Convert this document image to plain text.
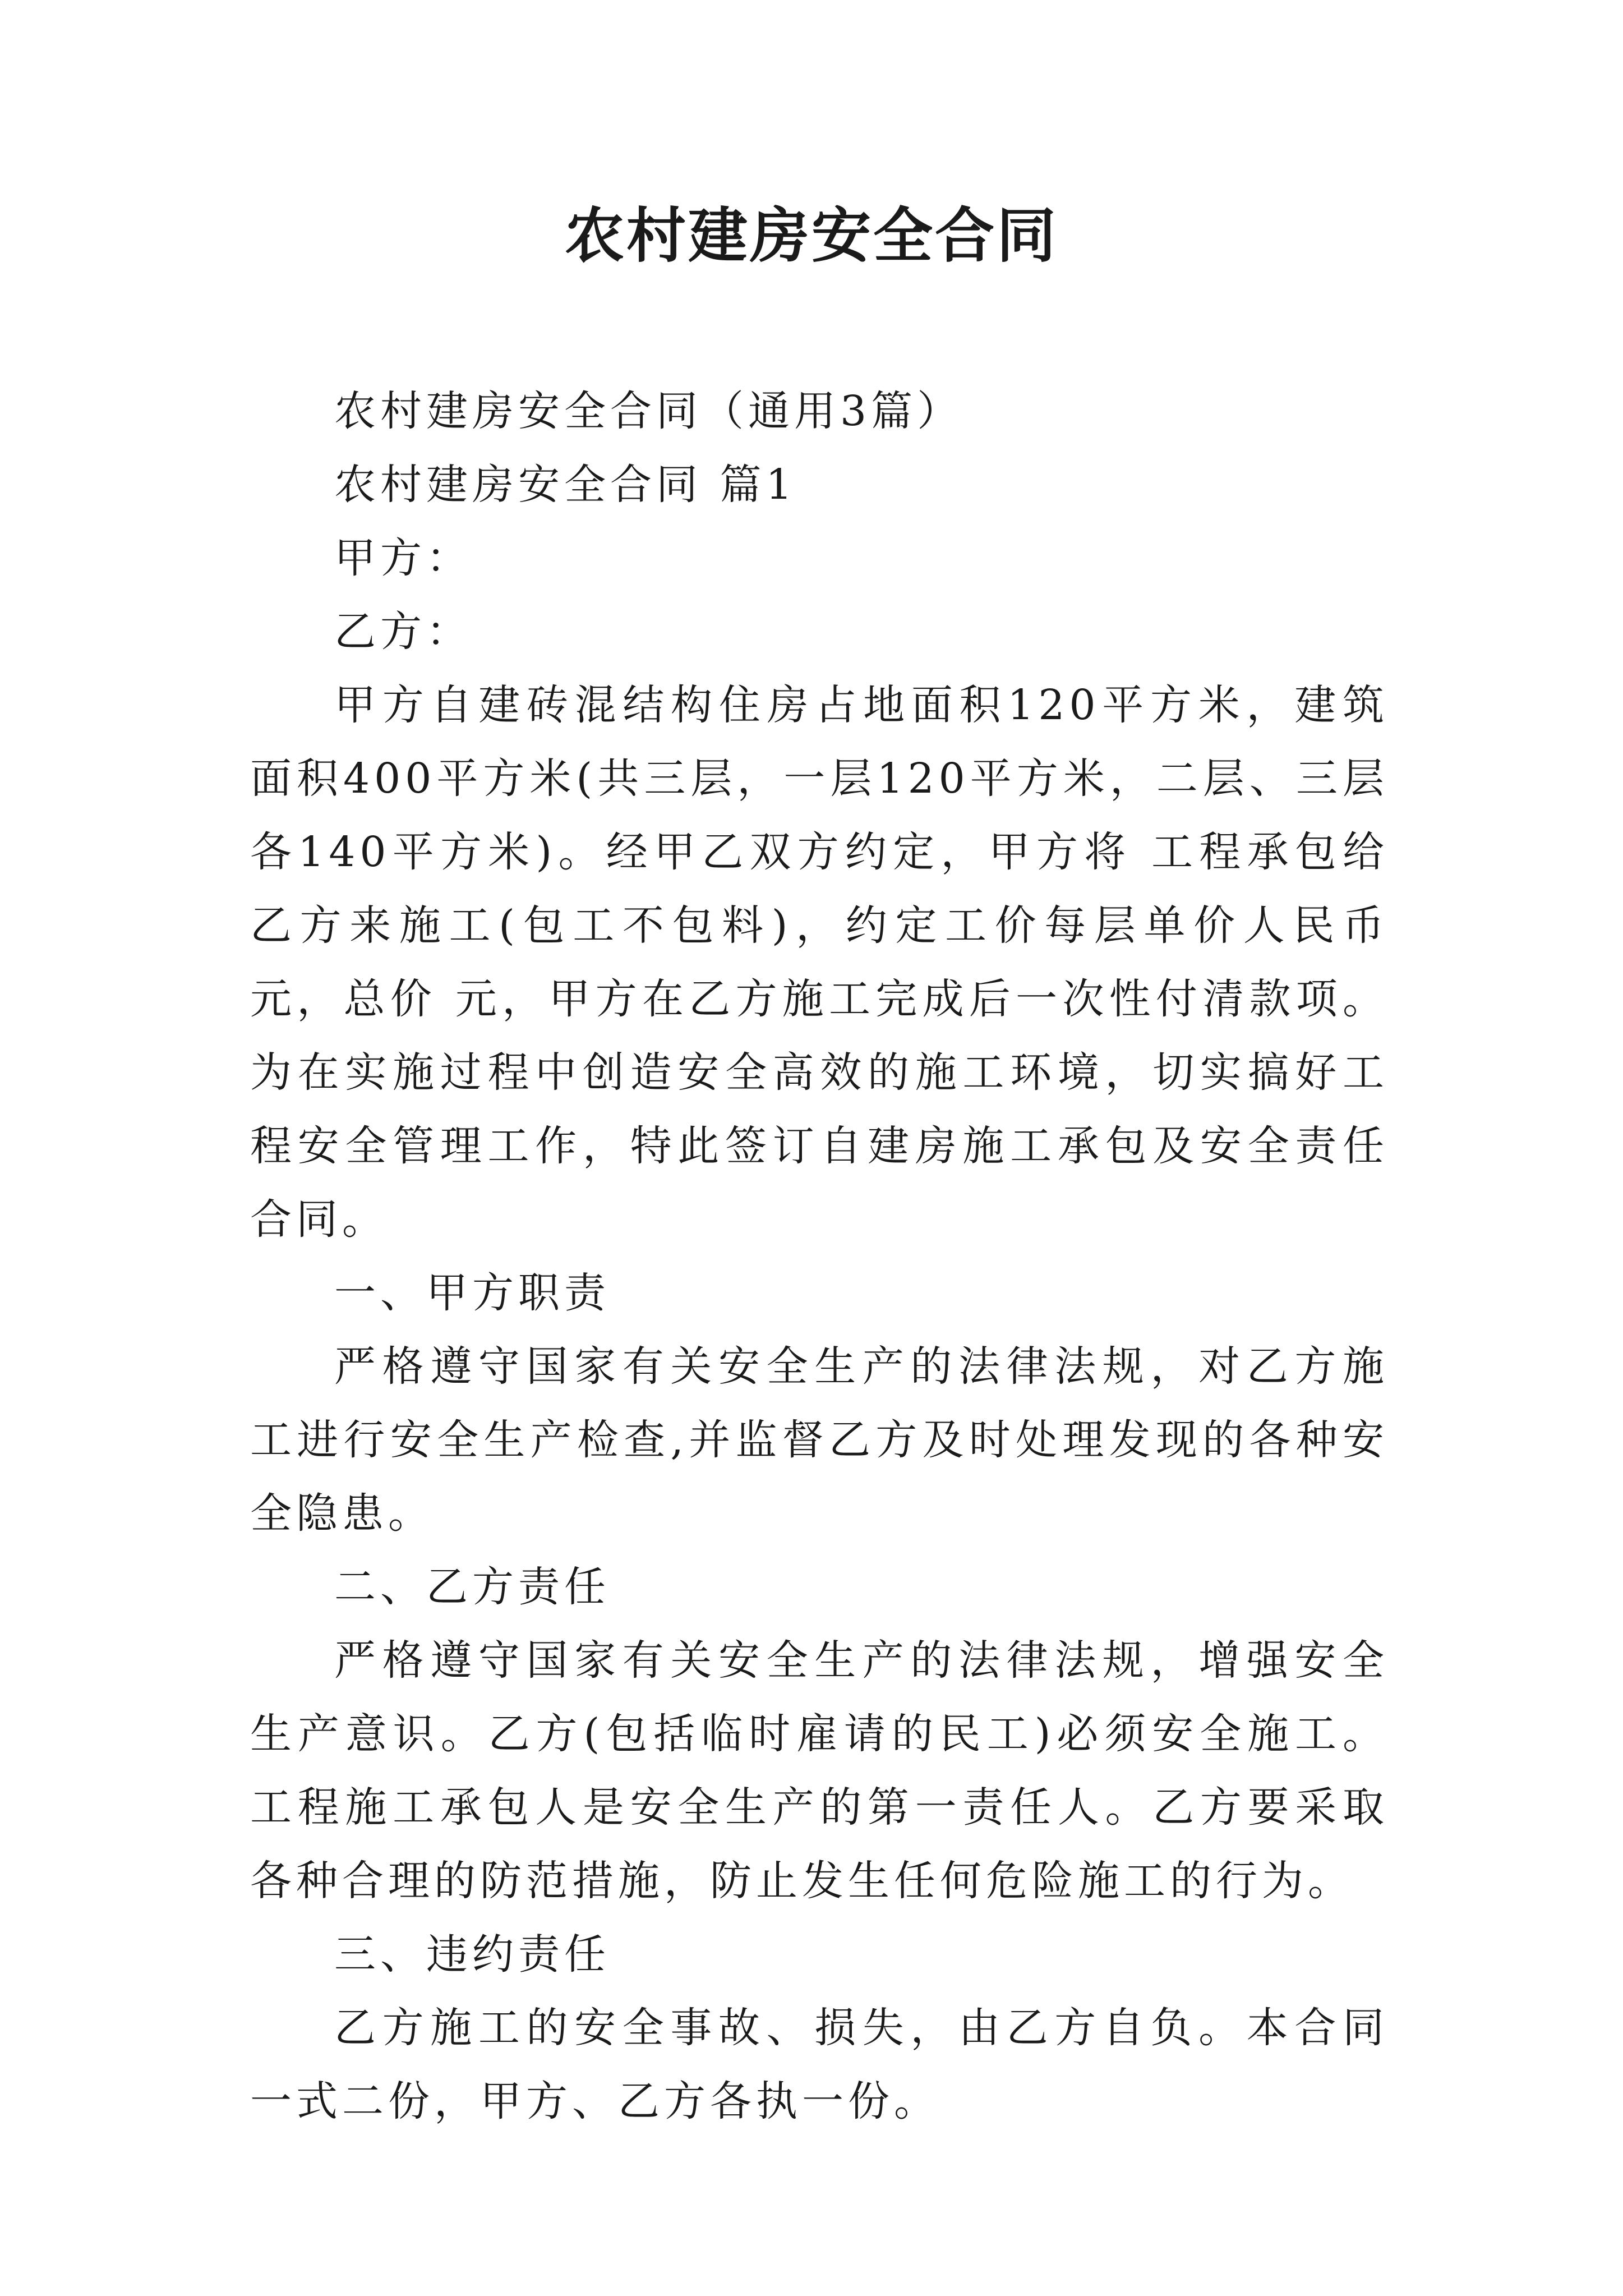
农村建房安全合同

农村建房安全合同（通用3篇）

农村建房安全合同 篇1

甲方：

乙方：

甲方自建砖混结构住房占地面积120平方米，建筑面积400平方米(共三层，一层120平方米，二层、三层各140平方米)。经甲乙双方约定，甲方将 工程承包给乙方来施工(包工不包料)，约定工价每层单价人民币 元，总价 元，甲方在乙方施工完成后一次性付清款项。为在实施过程中创造安全高效的施工环境，切实搞好工程安全管理工作，特此签订自建房施工承包及安全责任合同。

一、甲方职责

严格遵守国家有关安全生产的法律法规，对乙方施工进行安全生产检查,并监督乙方及时处理发现的各种安全隐患。

二、乙方责任

严格遵守国家有关安全生产的法律法规，增强安全生产意识。乙方(包括临时雇请的民工)必须安全施工。工程施工承包人是安全生产的第一责任人。乙方要采取各种合理的防范措施，防止发生任何危险施工的行为。

三、违约责任

乙方施工的安全事故、损失，由乙方自负。本合同一式二份，甲方、乙方各执一份。
